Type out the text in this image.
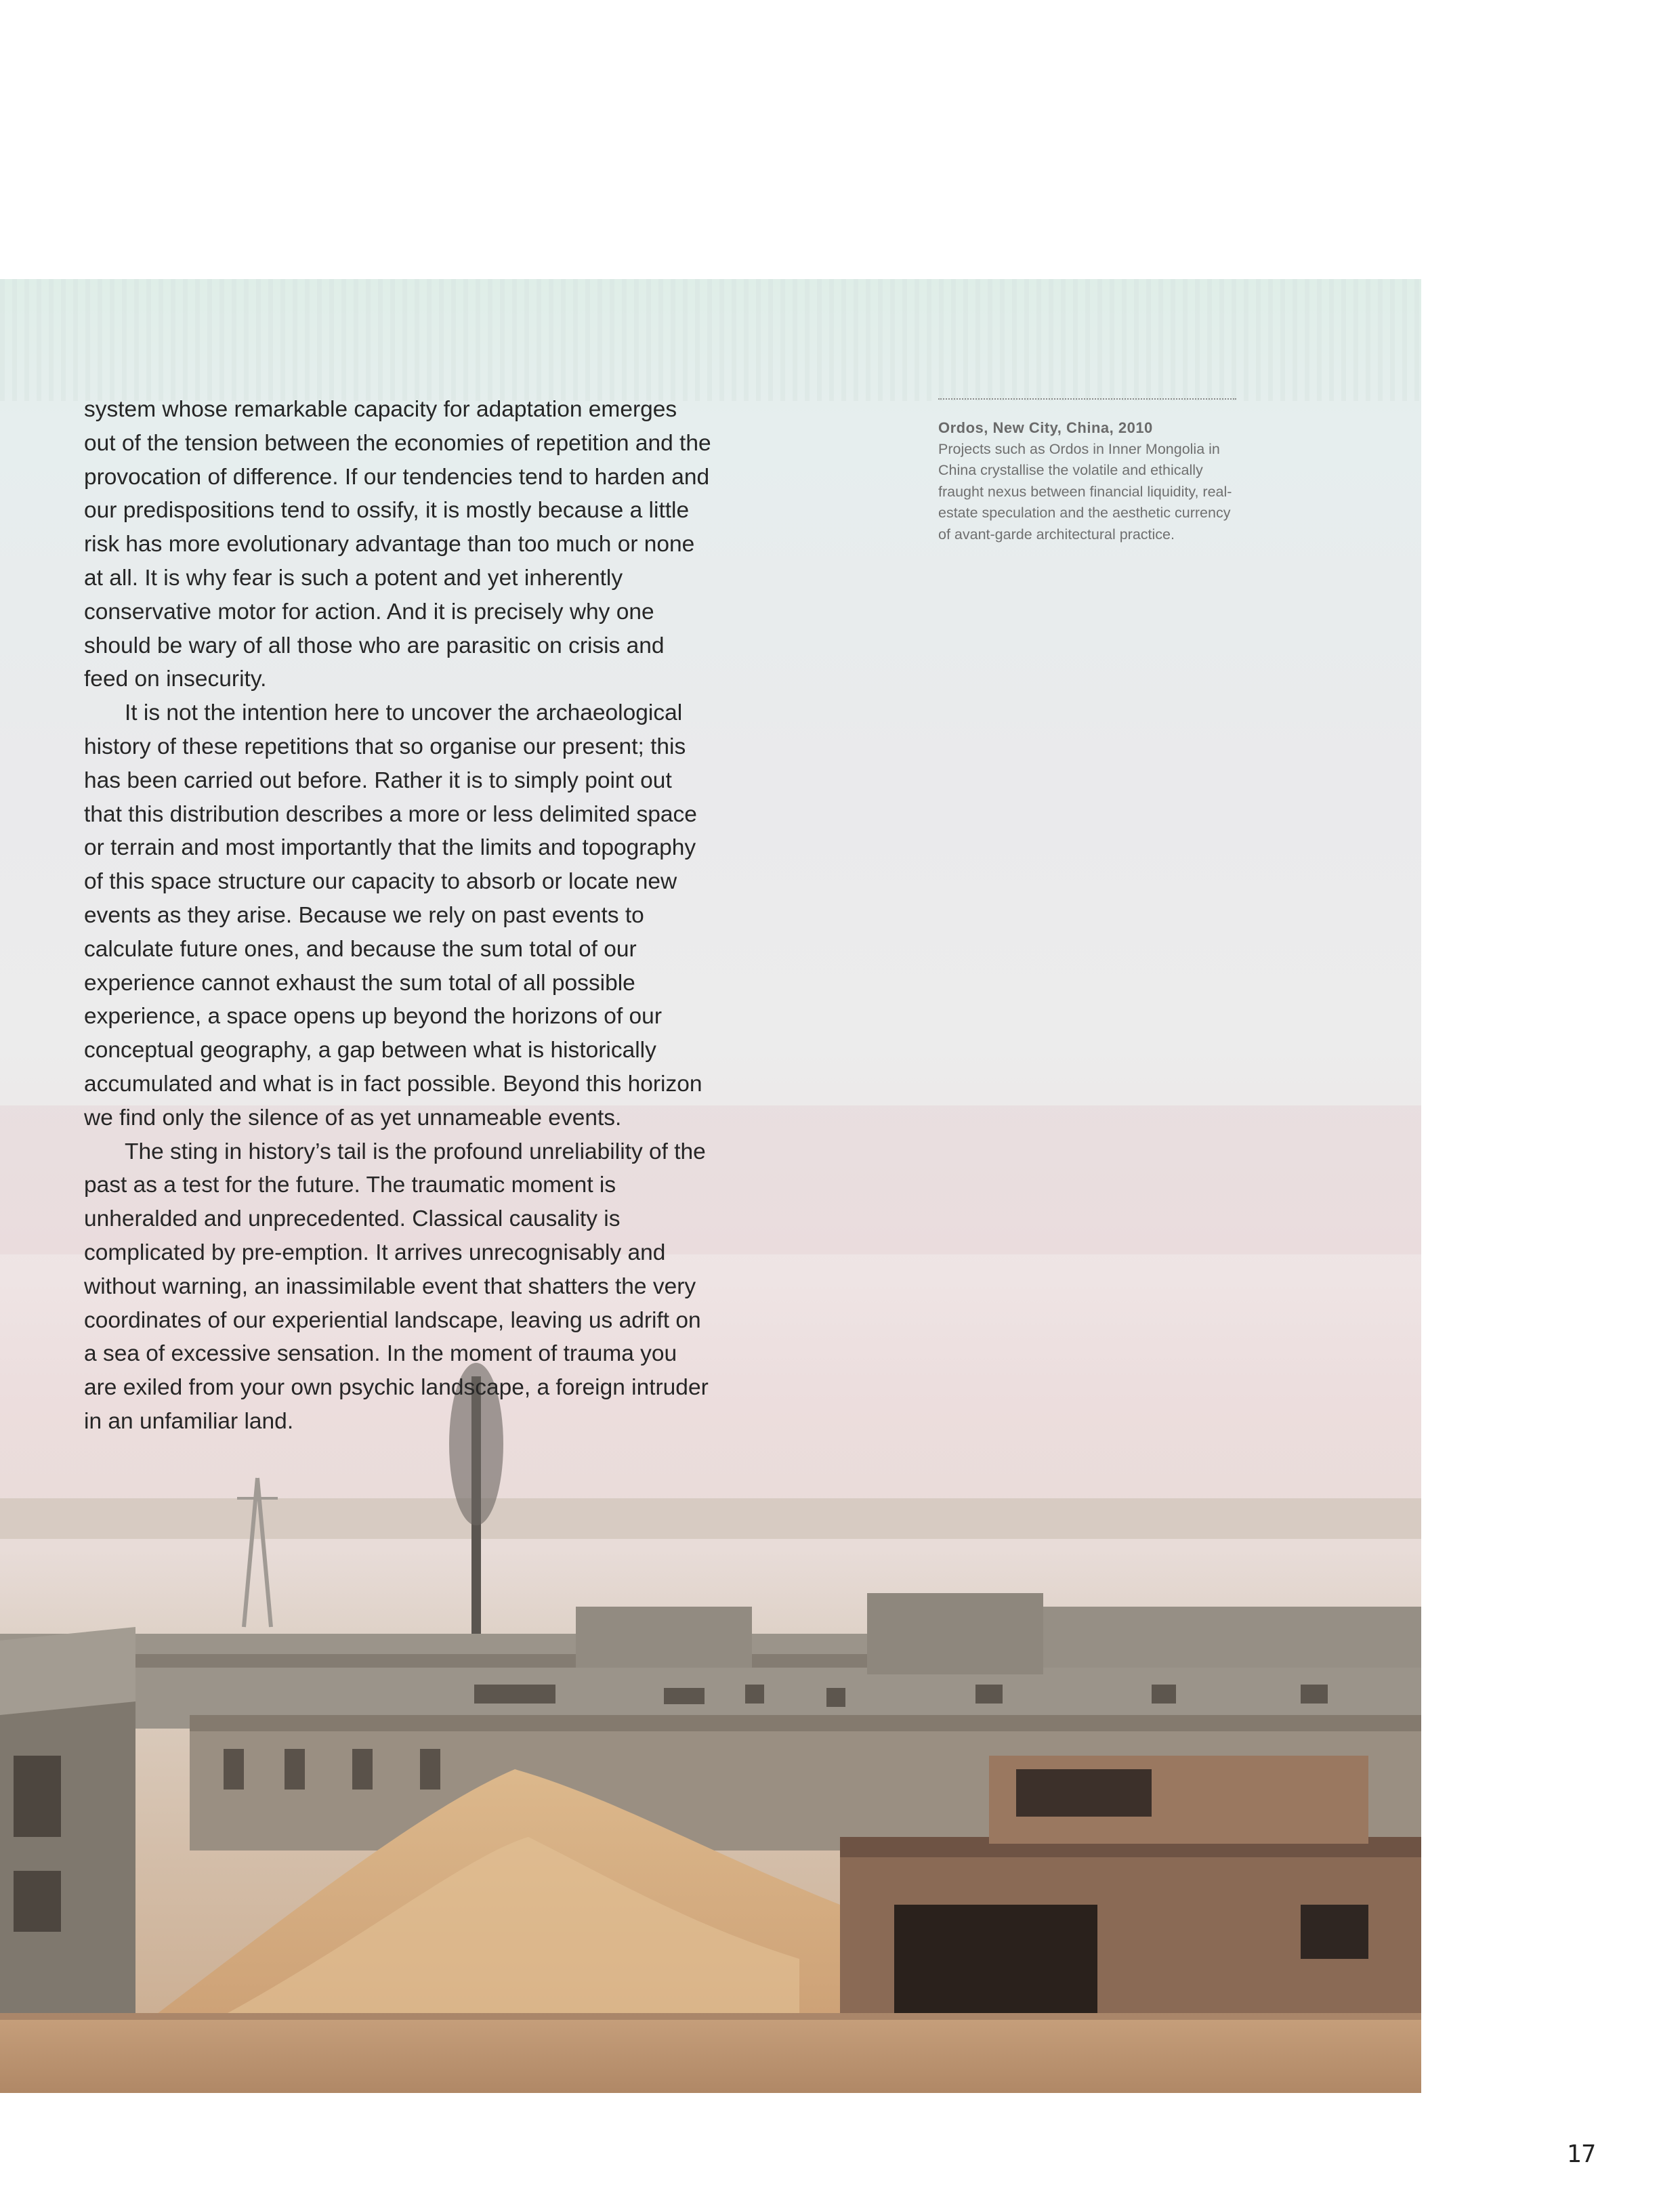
system whose remarkable capacity for adaptation emerges out of the tension between the economies of repetition and the provocation of difference. If our tendencies tend to harden and our predispositions tend to ossify, it is mostly because a little risk has more evolutionary advantage than too much or none at all. It is why fear is such a potent and yet inherently conservative motor for action. And it is precisely why one should be wary of all those who are parasitic on crisis and feed on insecurity.

It is not the intention here to uncover the archaeological history of these repetitions that so organise our present; this has been carried out before. Rather it is to simply point out that this distribution describes a more or less delimited space or terrain and most importantly that the limits and topography of this space structure our capacity to absorb or locate new events as they arise. Because we rely on past events to calculate future ones, and because the sum total of our experience cannot exhaust the sum total of all possible experience, a space opens up beyond the horizons of our conceptual geography, a gap between what is historically accumulated and what is in fact possible. Beyond this horizon we find only the silence of as yet unnameable events.

The sting in history’s tail is the profound unreliability of the past as a test for the future. The traumatic moment is unheralded and unprecedented. Classical causality is complicated by pre-emption. It arrives unrecognisably and without warning, an inassimilable event that shatters the very coordinates of our experiential landscape, leaving us adrift on a sea of excessive sensation. In the moment of trauma you are exiled from your own psychic landscape, a foreign intruder in an unfamiliar land.

Ordos, New City, China, 2010
Projects such as Ordos in Inner Mongolia in China crystallise the volatile and ethically fraught nexus between financial liquidity, real-estate speculation and the aesthetic currency of avant-garde architectural practice.
17
